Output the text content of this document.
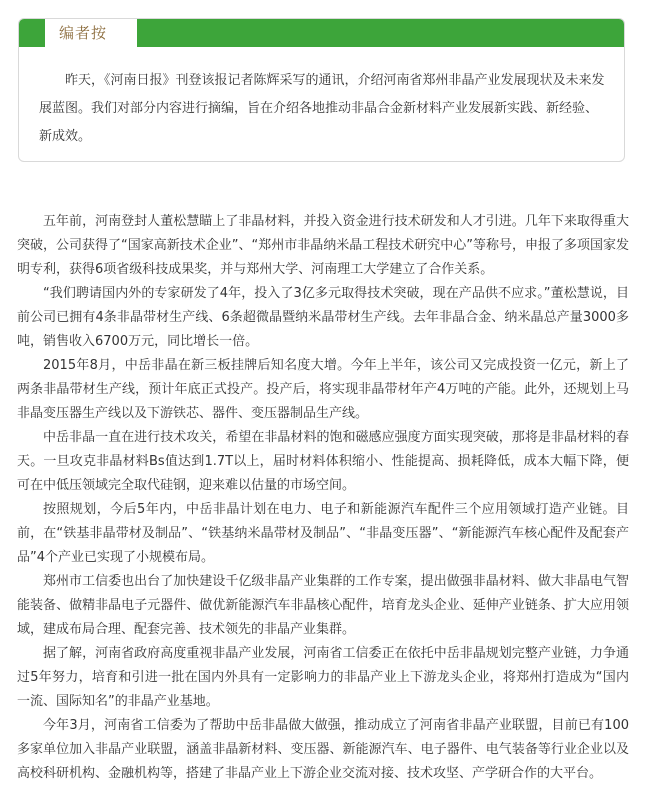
编者按

昨天，《河南日报》刊登该报记者陈辉采写的通讯，介绍河南省郑州非晶产业发展现状及未来发展蓝图。我们对部分内容进行摘编，旨在介绍各地推动非晶合金新材料产业发展新实践、新经验、新成效。

五年前，河南登封人董松慧瞄上了非晶材料，并投入资金进行技术研发和人才引进。几年下来取得重大突破，公司获得了“国家高新技术企业”、“郑州市非晶纳米晶工程技术研究中心”等称号，申报了多项国家发明专利，获得6项省级科技成果奖，并与郑州大学、河南理工大学建立了合作关系。

“我们聘请国内外的专家研发了4年，投入了3亿多元取得技术突破，现在产品供不应求。”董松慧说，目前公司已拥有4条非晶带材生产线、6条超微晶暨纳米晶带材生产线。去年非晶合金、纳米晶总产量3000多吨，销售收入6700万元，同比增长一倍。

2015年8月，中岳非晶在新三板挂牌后知名度大增。今年上半年，该公司又完成投资一亿元，新上了两条非晶带材生产线，预计年底正式投产。投产后，将实现非晶带材年产4万吨的产能。此外，还规划上马非晶变压器生产线以及下游铁芯、器件、变压器制品生产线。

中岳非晶一直在进行技术攻关，希望在非晶材料的饱和磁感应强度方面实现突破，那将是非晶材料的春天。一旦攻克非晶材料Bs值达到1.7T以上，届时材料体积缩小、性能提高、损耗降低，成本大幅下降，便可在中低压领域完全取代硅钢，迎来难以估量的市场空间。

按照规划，今后5年内，中岳非晶计划在电力、电子和新能源汽车配件三个应用领域打造产业链。目前，在“铁基非晶带材及制品”、“铁基纳米晶带材及制品”、“非晶变压器”、“新能源汽车核心配件及配套产品”4个产业已实现了小规模布局。

郑州市工信委也出台了加快建设千亿级非晶产业集群的工作专案，提出做强非晶材料、做大非晶电气智能装备、做精非晶电子元器件、做优新能源汽车非晶核心配件，培育龙头企业、延伸产业链条、扩大应用领域，建成布局合理、配套完善、技术领先的非晶产业集群。

据了解，河南省政府高度重视非晶产业发展，河南省工信委正在依托中岳非晶规划完整产业链，力争通过5年努力，培育和引进一批在国内外具有一定影响力的非晶产业上下游龙头企业，将郑州打造成为“国内一流、国际知名”的非晶产业基地。

今年3月，河南省工信委为了帮助中岳非晶做大做强，推动成立了河南省非晶产业联盟，目前已有100多家单位加入非晶产业联盟，涵盖非晶新材料、变压器、新能源汽车、电子器件、电气装备等行业企业以及高校科研机构、金融机构等，搭建了非晶产业上下游企业交流对接、技术攻坚、产学研合作的大平台。
